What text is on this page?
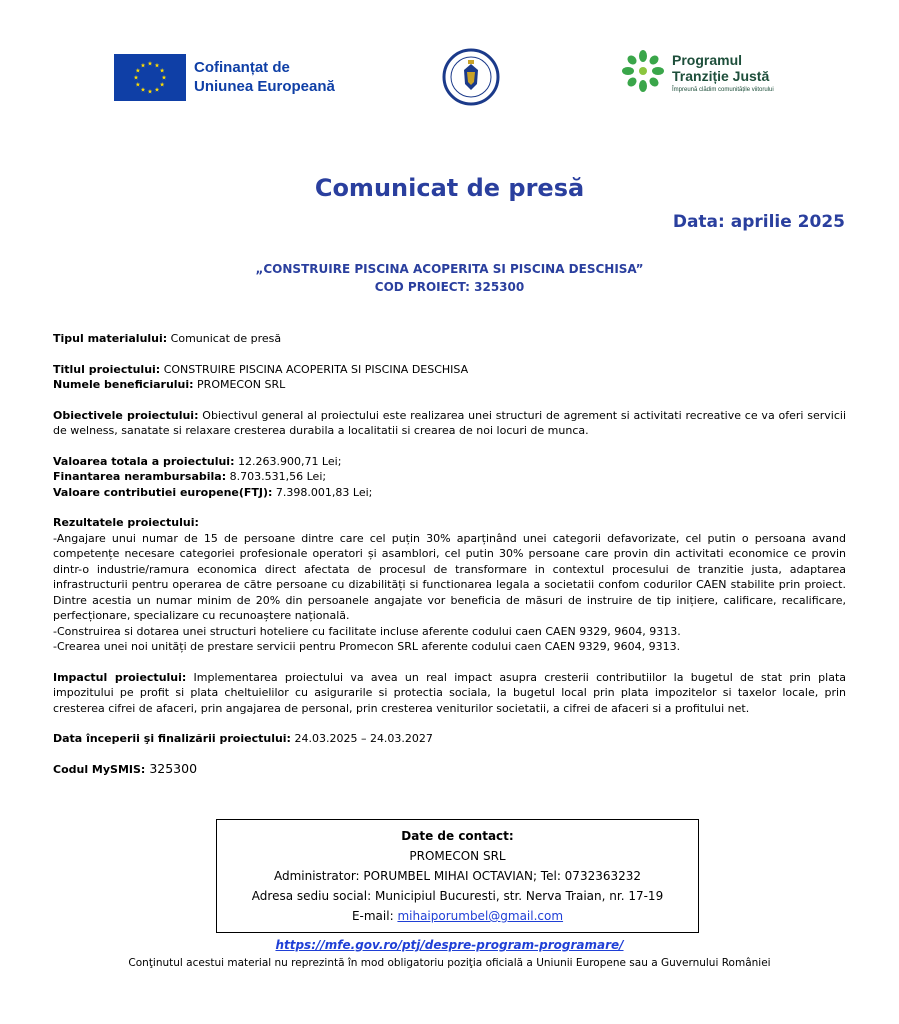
Cofinanțat de
Uniunea Europeană
Programul
Tranziție Justă
Împreună clădim comunitățile viitorului
Comunicat de presă
Data: aprilie 2025
„CONSTRUIRE PISCINA ACOPERITA SI PISCINA DESCHISA”
COD PROIECT: 325300

Tipul materialului: Comunicat de presă

Titlul proiectului: CONSTRUIRE PISCINA ACOPERITA SI PISCINA DESCHISA

Numele beneficiarului: PROMECON SRL

Obiectivele proiectului: Obiectivul general al proiectului este realizarea unei structuri de agrement si activitati recreative ce va oferi servicii de welness, sanatate si relaxare cresterea durabila a localitatii si crearea de noi locuri de munca.

Valoarea totala a proiectului: 12.263.900,71 Lei;

Finantarea nerambursabila: 8.703.531,56 Lei;

Valoare contributiei europene(FTJ): 7.398.001,83 Lei;

Rezultatele proiectului:

-Angajare unui numar de 15 de persoane dintre care cel puțin 30% aparținând unei categorii defavorizate, cel putin o persoana avand competențe necesare categoriei profesionale operatori și asamblori, cel putin 30% persoane care provin din activitati economice ce provin dintr-o industrie/ramura economica direct afectata de procesul de transformare in contextul procesului de tranzitie justa, adaptarea infrastructurii pentru operarea de către persoane cu dizabilități si functionarea legala a societatii confom codurilor CAEN stabilite prin proiect. Dintre acestia un numar minim de 20% din persoanele angajate vor beneficia de măsuri de instruire de tip inițiere, calificare, recalificare, perfecționare, specializare cu recunoaștere națională.

-Construirea si dotarea unei structuri hoteliere cu facilitate incluse aferente codului caen CAEN 9329, 9604, 9313.

-Crearea unei noi unități de prestare servicii pentru Promecon SRL aferente codului caen CAEN 9329, 9604, 9313.

Impactul proiectului: Implementarea proiectului va avea un real impact asupra cresterii contributiilor la bugetul de stat prin plata impozitului pe profit si plata cheltuielilor cu asigurarile si protectia sociala, la bugetul local prin plata impozitelor si taxelor locale, prin cresterea cifrei de afaceri, prin angajarea de personal, prin cresterea veniturilor societatii, a cifrei de afaceri si a profitului net.

Data începerii şi finalizării proiectului: 24.03.2025 – 24.03.2027

Codul MySMIS: 325300

Date de contact:
PROMECON SRL
Administrator: PORUMBEL MIHAI OCTAVIAN; Tel: 0732363232
Adresa sediu social: Municipiul Bucuresti, str. Nerva Traian, nr. 17-19
E-mail: mihaiporumbel@gmail.com
https://mfe.gov.ro/ptj/despre-program-programare/
Conţinutul acestui material nu reprezintă în mod obligatoriu poziţia oficială a Uniunii Europene sau a Guvernului României
